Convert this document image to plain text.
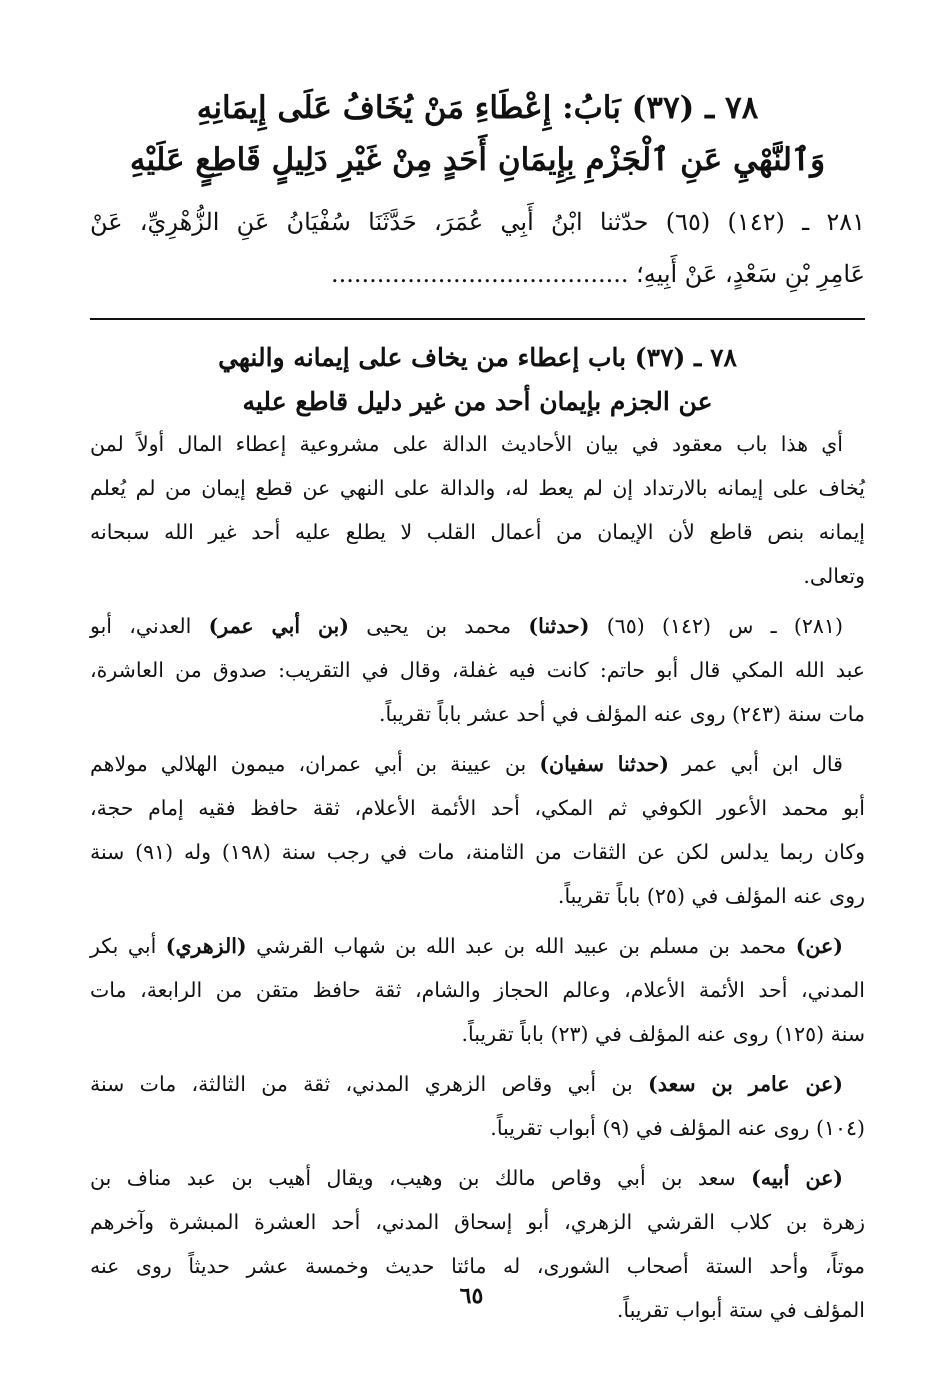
٧٨ ـ (٣٧) بَابُ: إِعْطَاءِ مَنْ يُخَافُ عَلَى إِيمَانِهِ
وَٱلنَّهْيِ عَنِ ٱلْجَزْمِ بِإِيمَانِ أَحَدٍ مِنْ غَيْرِ دَلِيلٍ قَاطِعٍ عَلَيْهِ
٢٨١ ـ (١٤٢) (٦٥) حدّثنا ابْنُ أَبِي عُمَرَ، حَدَّثَنَا سُفْيَانُ عَنِ الزُّهْرِيِّ، عَنْ
عَامِرِ بْنِ سَعْدٍ، عَنْ أَبِيهِ؛ .......................................
٧٨ ـ (٣٧) باب إعطاء من يخاف على إيمانه والنهي
عن الجزم بإيمان أحد من غير دليل قاطع عليه
أي هذا باب معقود في بيان الأحاديث الدالة على مشروعية إعطاء المال أولاً لمن
يُخاف على إيمانه بالارتداد إن لم يعط له، والدالة على النهي عن قطع إيمان من لم يُعلم
إيمانه بنص قاطع لأن الإيمان من أعمال القلب لا يطلع عليه أحد غير الله سبحانه
وتعالى.
(٢٨١) ـ س (١٤٢) (٦٥) (حدثنا) محمد بن يحيى (بن أبي عمر) العدني، أبو
عبد الله المكي قال أبو حاتم: كانت فيه غفلة، وقال في التقريب: صدوق من العاشرة،
مات سنة (٢٤٣) روى عنه المؤلف في أحد عشر باباً تقريباً.
قال ابن أبي عمر (حدثنا سفيان) بن عيينة بن أبي عمران، ميمون الهلالي مولاهم
أبو محمد الأعور الكوفي ثم المكي، أحد الأئمة الأعلام، ثقة حافظ فقيه إمام حجة،
وكان ربما يدلس لكن عن الثقات من الثامنة، مات في رجب سنة (١٩٨) وله (٩١) سنة
روى عنه المؤلف في (٢٥) باباً تقريباً.
(عن) محمد بن مسلم بن عبيد الله بن عبد الله بن شهاب القرشي (الزهري) أبي بكر
المدني، أحد الأئمة الأعلام، وعالم الحجاز والشام، ثقة حافظ متقن من الرابعة، مات
سنة (١٢٥) روى عنه المؤلف في (٢٣) باباً تقريباً.
(عن عامر بن سعد) بن أبي وقاص الزهري المدني، ثقة من الثالثة، مات سنة
(١٠٤) روى عنه المؤلف في (٩) أبواب تقريباً.
(عن أبيه) سعد بن أبي وقاص مالك بن وهيب، ويقال أهيب بن عبد مناف بن
زهرة بن كلاب القرشي الزهري، أبو إسحاق المدني، أحد العشرة المبشرة وآخرهم
موتاً، وأحد الستة أصحاب الشورى، له مائتا حديث وخمسة عشر حديثاً روى عنه
المؤلف في ستة أبواب تقريباً.
٦٥
